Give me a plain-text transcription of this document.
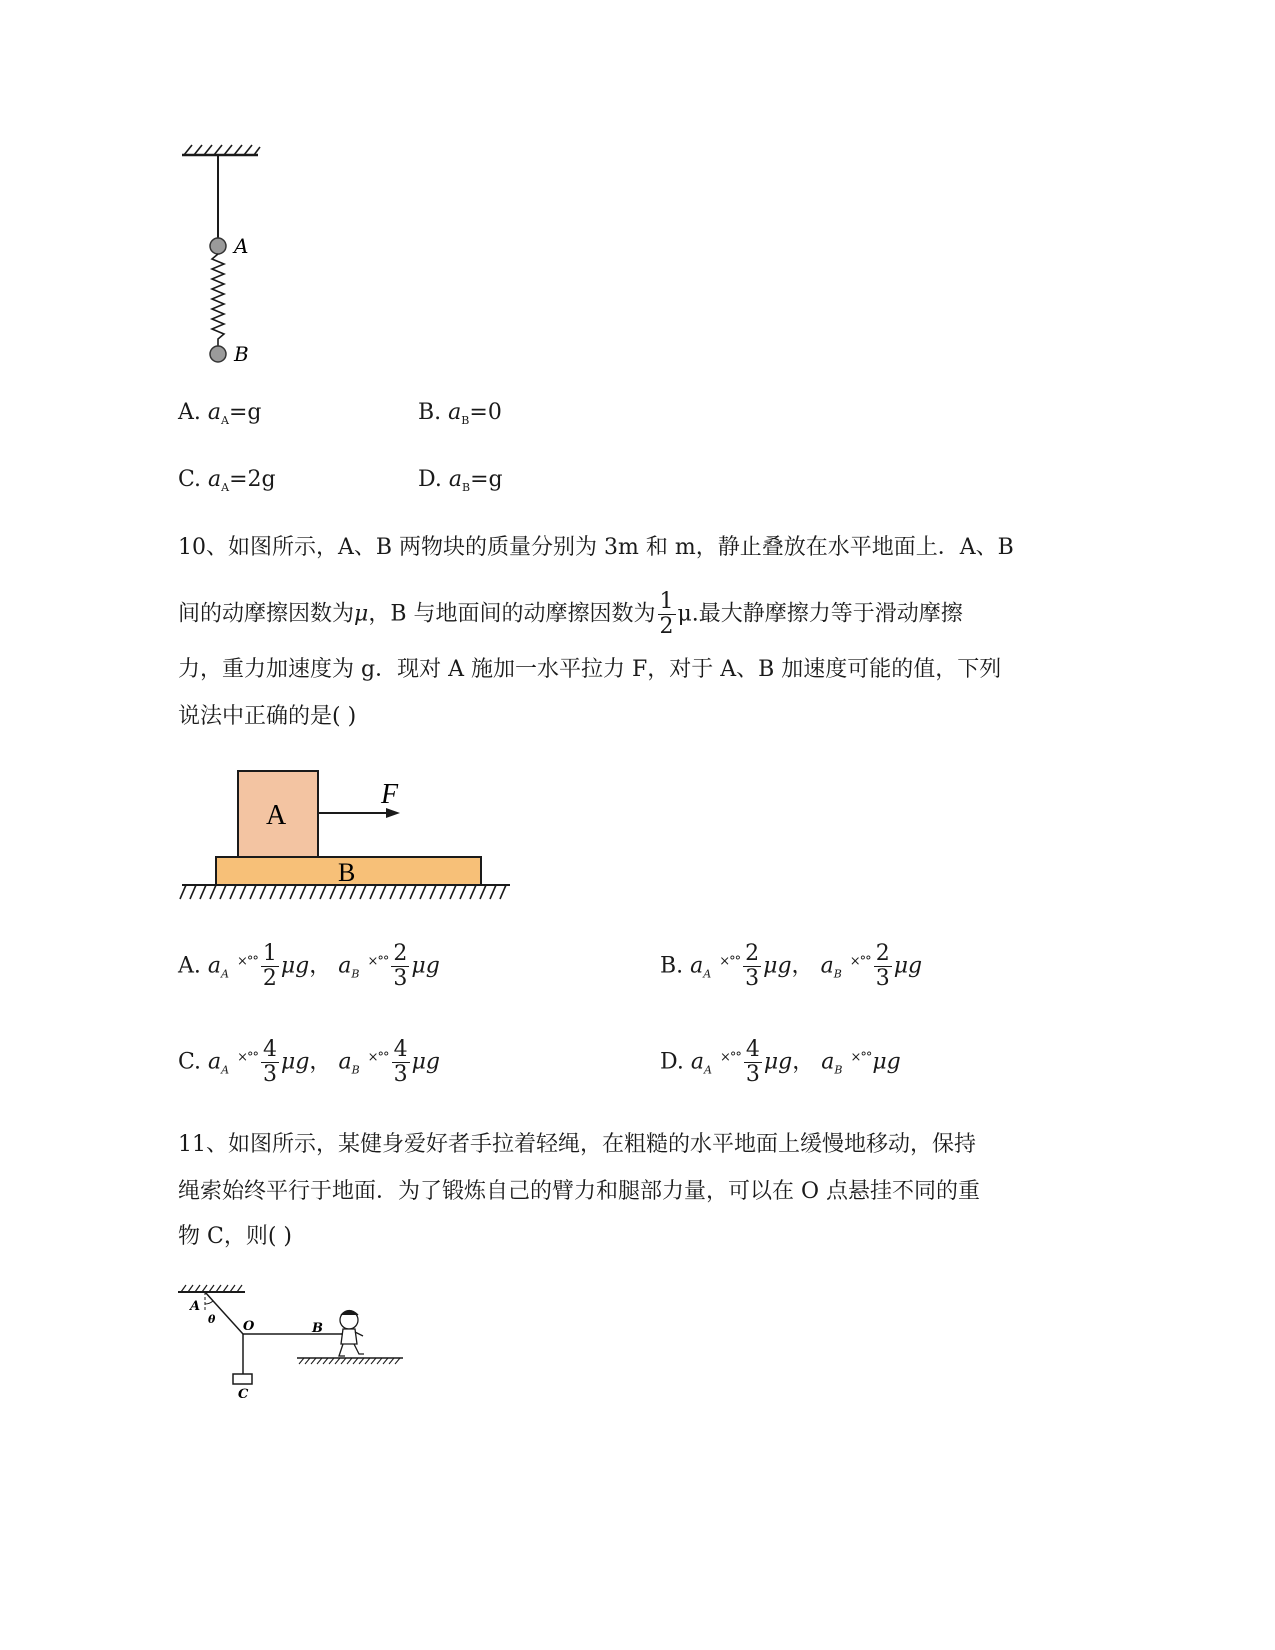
A
B
A. $a_A=g$	B. $a_B=0$
C. $a_A=2g$	D. $a_B=g$
10、如图所示，A、B 两物块的质量分别为 3m 和 m，静止叠放在水平地面上．A、B
间的动摩擦因数为μ，B 与地面间的动摩擦因数为 $\frac{1}{2} \mu$.最大静摩擦力等于滑动摩擦
力，重力加速度为 g．现对 A 施加一水平拉力 F，对于 A、B 加速度可能的值，下列
说法中正确的是( )
A
B
F
A. $a_A$ $^{\times^\circ^\circ} \frac{1}{2}$ μg， $a_B$ $^{\times^\circ^\circ} \frac{2}{3}$ μg	B. $a_A$ $^{\times^\circ^\circ} \frac{2}{3}$ μg， $a_B$ $^{\times^\circ^\circ} \frac{2}{3}$ μg
C. $a_A$ $^{\times^\circ^\circ} \frac{4}{3}$ μg， $a_B$ $^{\times^\circ^\circ} \frac{4}{3}$ μg	D. $a_A$ $^{\times^\circ^\circ} \frac{4}{3}$ μg， $a_B$ ×°°μg
11、如图所示，某健身爱好者手拉着轻绳，在粗糙的水平地面上缓慢地移动，保持
绳索始终平行于地面．为了锻炼自己的臂力和腿部力量，可以在 O 点悬挂不同的重
物 C，则( )
A
θ O	B
C
